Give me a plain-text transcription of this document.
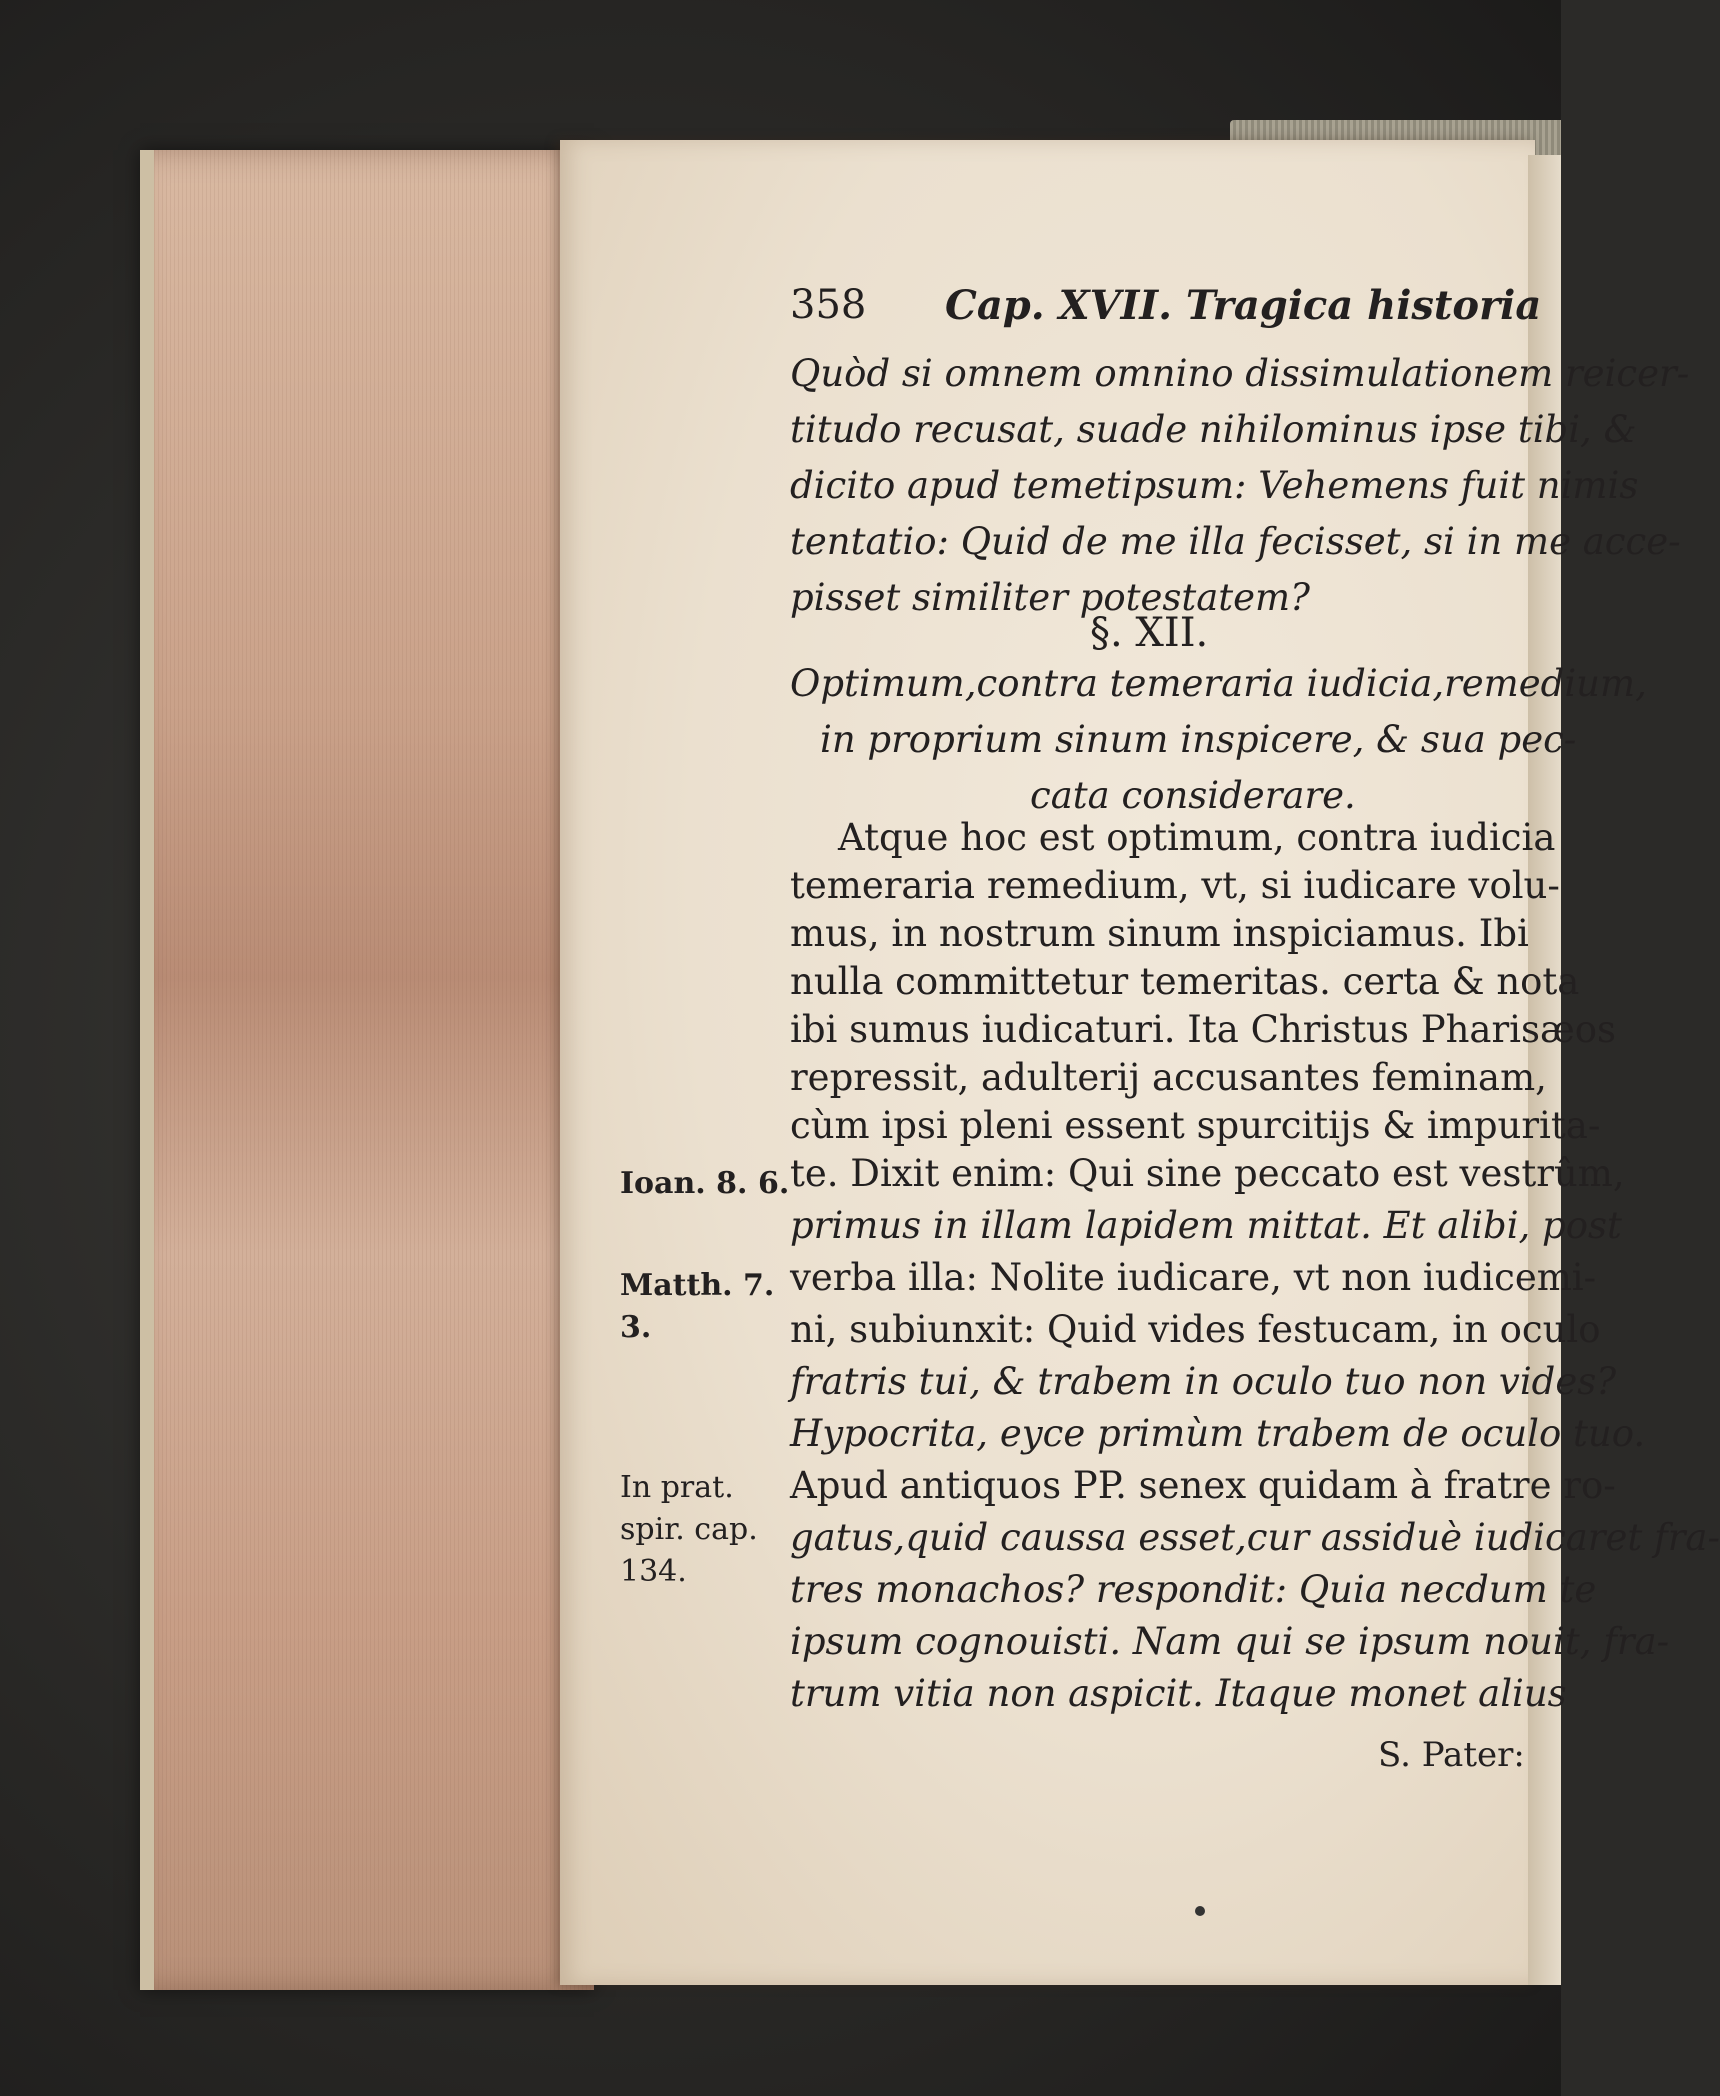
358 Cap. XVII. Tragica historia
Quòd si omnem omnino dissimulationem reicer-
titudo recusat, suade nihilominus ipse tibi, &
dicito apud temetipsum: Vehemens fuit nimis
tentatio: Quid de me illa fecisset, si in me acce-
pisset similiter potestatem?
§. XII.
Optimum,contra temeraria iudicia,remedium,
in proprium sinum inspicere, & sua pec-
cata considerare.
Atque hoc est optimum, contra iudicia
temeraria remedium, vt, si iudicare volu-
mus, in nostrum sinum inspiciamus. Ibi
nulla committetur temeritas. certa & nota
ibi sumus iudicaturi. Ita Christus Pharisæos
repressit, adulterij accusantes feminam,
cùm ipsi pleni essent spurcitijs & impurita-
te. Dixit enim: Qui sine peccato est vestrûm,
primus in illam lapidem mittat. Et alibi, post
verba illa: Nolite iudicare, vt non iudicemi-
ni, subiunxit: Quid vides festucam, in oculo
fratris tui, & trabem in oculo tuo non vides?
Hypocrita, eyce primùm trabem de oculo tuo.
Apud antiquos PP. senex quidam à fratre ro-
gatus,quid caussa esset,cur assiduè iudicaret fra-
tres monachos? respondit: Quia necdum te
ipsum cognouisti. Nam qui se ipsum nouit, fra-
trum vitia non aspicit. Itaque monet alius
S. Pater:
Ioan. 8. 6.
Matth. 7.
3.
In prat.
spir. cap.
134.
